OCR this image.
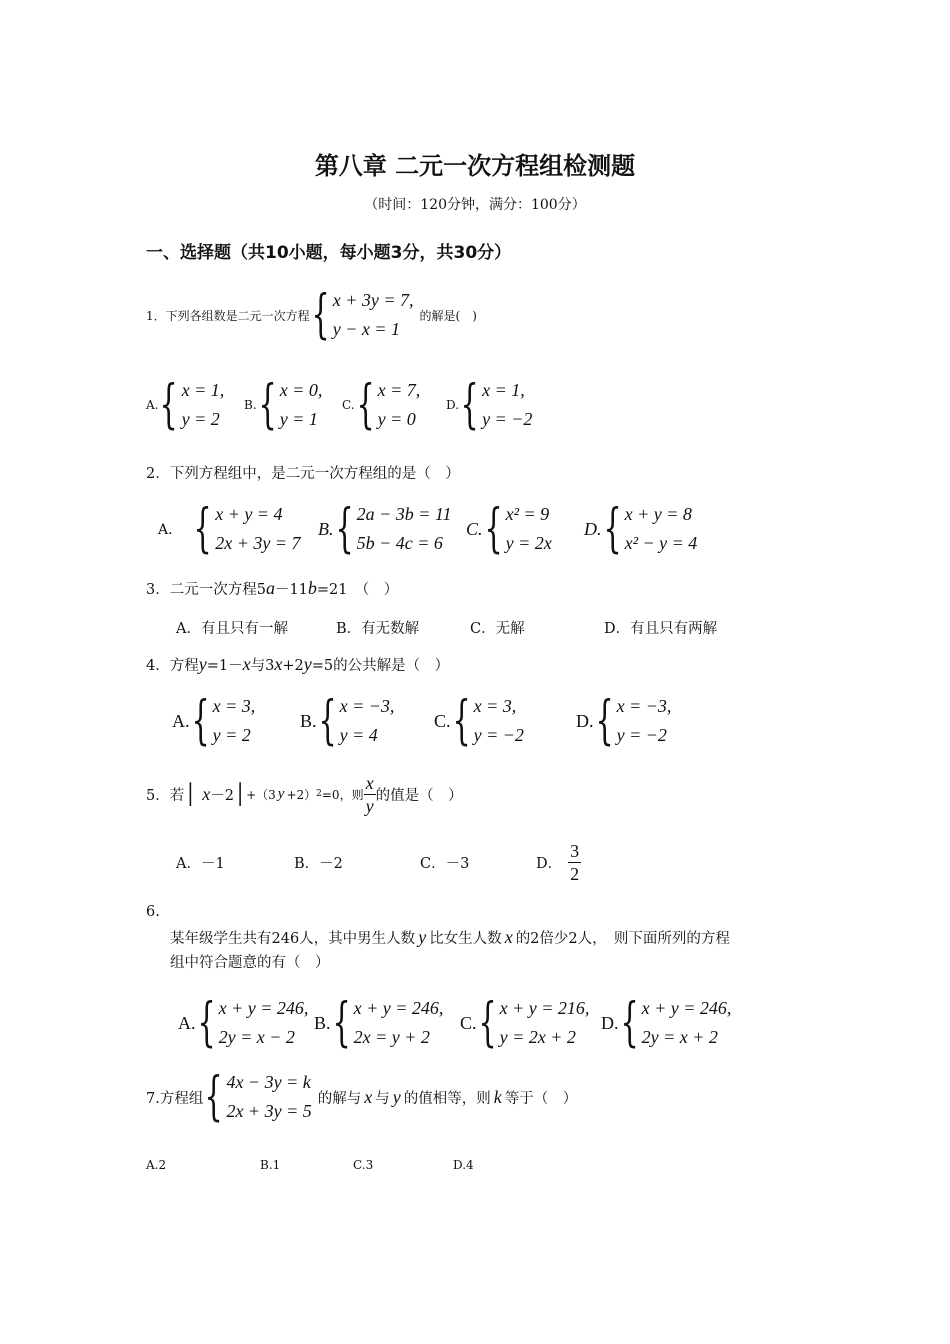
第八章 二元一次方程组检测题
（时间：120分钟，满分：100分）
一、选择题（共10小题，每小题3分，共30分）
1．下列各组数是二元一次方程 { x + 3y = 7,
y − x = 1
的解是(　)
A. { x = 1,
y = 2
B. { x = 0,
y = 1
C. { x = 7,
y = 0
D. { x = 1,
y = −2
2．下列方程组中，是二元一次方程组的是（　）
A． { x + y = 4
2x + 3y = 7
B. { 2a − 3b = 11
5b − 4c = 6
C. { x² = 9
y = 2x
D. { x + y = 8
x² − y = 4
3．二元一次方程5a－11b=21　（　）
A．有且只有一解	B．有无数解	C．无解	D．有且只有两解
4．方程y=1－x与3x+2y=5的公共解是（　）
A. { x = 3,
y = 2
B. { x = −3,
y = 4
C. { x = 3,
y = −2
D. { x = −3,
y = −2
5．若 │ x －2 │ +（3 y +2） 2 =0，则 $\frac{x}{y}$ 的值是（　）
A．－1	B．－2	C．－3	D． $\frac{3}{2}$
6.
某年级学生共有246人，其中男生人数 y 比女生人数 x 的2倍少2人，　则下面所列的方程
组中符合题意的有（　）
A. { x + y = 246,
2y = x − 2
B. { x + y = 246,
2x = y + 2
C. { x + y = 216,
y = 2x + 2
D. { x + y = 246,
2y = x + 2
7.方程组 { 4x − 3y = k
2x + 3y = 5
的解与 x 与 y 的值相等，则 k 等于（　）
A.2	B.1	C.3	D.4
